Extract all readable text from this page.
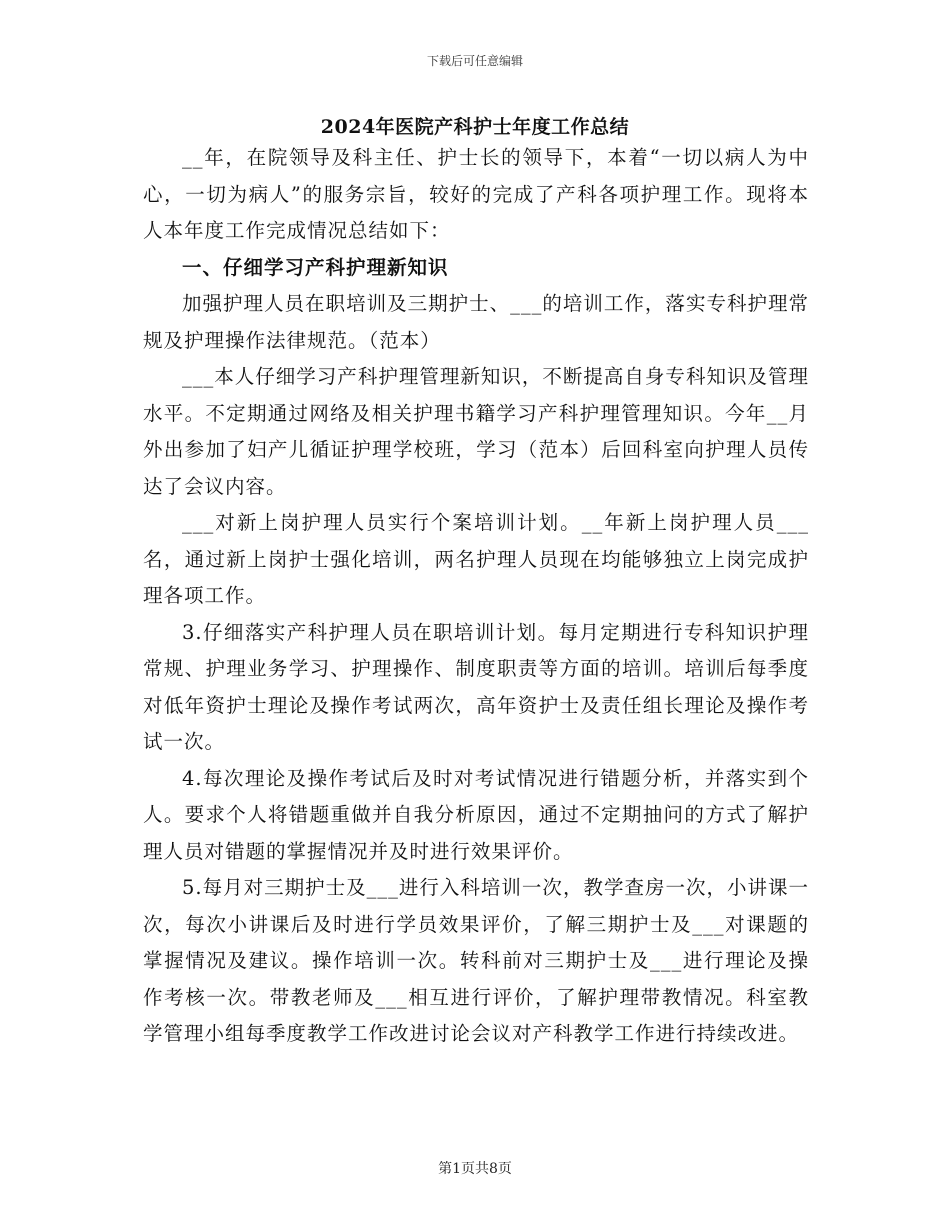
下载后可任意编辑
2024年医院产科护士年度工作总结

__年，在院领导及科主任、护士长的领导下，本着“一切以病人为中心，一切为病人”的服务宗旨，较好的完成了产科各项护理工作。现将本人本年度工作完成情况总结如下：

一、仔细学习产科护理新知识

加强护理人员在职培训及三期护士、___的培训工作，落实专科护理常规及护理操作法律规范。（范本）

___本人仔细学习产科护理管理新知识，不断提高自身专科知识及管理水平。不定期通过网络及相关护理书籍学习产科护理管理知识。今年__月外出参加了妇产儿循证护理学校班，学习（范本）后回科室向护理人员传达了会议内容。

___对新上岗护理人员实行个案培训计划。__年新上岗护理人员___名，通过新上岗护士强化培训，两名护理人员现在均能够独立上岗完成护理各项工作。

3.仔细落实产科护理人员在职培训计划。每月定期进行专科知识护理常规、护理业务学习、护理操作、制度职责等方面的培训。培训后每季度对低年资护士理论及操作考试两次，高年资护士及责任组长理论及操作考试一次。

4.每次理论及操作考试后及时对考试情况进行错题分析，并落实到个人。要求个人将错题重做并自我分析原因，通过不定期抽问的方式了解护理人员对错题的掌握情况并及时进行效果评价。

5.每月对三期护士及___进行入科培训一次，教学查房一次，小讲课一次，每次小讲课后及时进行学员效果评价，了解三期护士及___对课题的掌握情况及建议。操作培训一次。转科前对三期护士及___进行理论及操作考核一次。带教老师及___相互进行评价，了解护理带教情况。科室教学管理小组每季度教学工作改进讨论会议对产科教学工作进行持续改进。

第1页共8页
